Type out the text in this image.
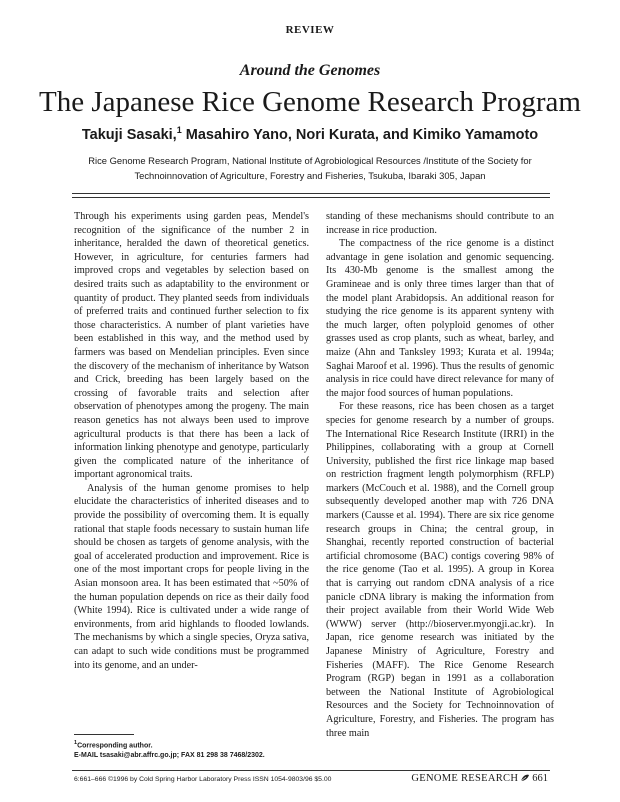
REVIEW
Around the Genomes
The Japanese Rice Genome Research Program
Takuji Sasaki,$^1$ Masahiro Yano, Nori Kurata, and Kimiko Yamamoto
Rice Genome Research Program, National Institute of Agrobiological Resources /Institute of the Society for Technoinnovation of Agriculture, Forestry and Fisheries, Tsukuba, Ibaraki 305, Japan

Through his experiments using garden peas, Mendel's recognition of the significance of the number 2 in inheritance, heralded the dawn of theoretical genetics. However, in agriculture, for centuries farmers had improved crops and vegetables by selection based on desired traits such as adaptability to the environment or quantity of product. They planted seeds from individuals of preferred traits and continued further selection to fix those characteristics. A number of plant varieties have been established in this way, and the method used by farmers was based on Mendelian principles. Even since the discovery of the mechanism of inheritance by Watson and Crick, breeding has been largely based on the crossing of favorable traits and selection after observation of phenotypes among the progeny. The main reason genetics has not always been used to improve agricultural products is that there has been a lack of information linking phenotype and genotype, particularly given the complicated nature of the inheritance of important agronomical traits.

Analysis of the human genome promises to help elucidate the characteristics of inherited diseases and to provide the possibility of overcoming them. It is equally rational that staple foods necessary to sustain human life should be chosen as targets of genome analysis, with the goal of accelerated production and improvement. Rice is one of the most important crops for people living in the Asian monsoon area. It has been estimated that ~50% of the human population depends on rice as their daily food (White 1994). Rice is cultivated under a wide range of environments, from arid highlands to flooded lowlands. The mechanisms by which a single species, Oryza sativa, can adapt to such wide conditions must be programmed into its genome, and an under-

standing of these mechanisms should contribute to an increase in rice production.

The compactness of the rice genome is a distinct advantage in gene isolation and genomic sequencing. Its 430-Mb genome is the smallest among the Gramineae and is only three times larger than that of the model plant Arabidopsis. An additional reason for studying the rice genome is its apparent synteny with the much larger, often polyploid genomes of other grasses used as crop plants, such as wheat, barley, and maize (Ahn and Tanksley 1993; Kurata et al. 1994a; Saghai Maroof et al. 1996). Thus the results of genomic analysis in rice could have direct relevance for many of the major food sources of human populations.

For these reasons, rice has been chosen as a target species for genome research by a number of groups. The International Rice Research Institute (IRRI) in the Philippines, collaborating with a group at Cornell University, published the first rice linkage map based on restriction fragment length polymorphism (RFLP) markers (McCouch et al. 1988), and the Cornell group subsequently developed another map with 726 DNA markers (Causse et al. 1994). There are six rice genome research groups in China; the central group, in Shanghai, recently reported construction of bacterial artificial chromosome (BAC) contigs covering 98% of the rice genome (Tao et al. 1995). A group in Korea that is carrying out random cDNA analysis of a rice panicle cDNA library is making the information from their project available from their World Wide Web (WWW) server (http://bioserver.myongji.ac.kr). In Japan, rice genome research was initiated by the Japanese Ministry of Agriculture, Forestry and Fisheries (MAFF). The Rice Genome Research Program (RGP) began in 1991 as a collaboration between the National Institute of Agrobiological Resources and the Society for Technoinnovation of Agriculture, Forestry, and Fisheries. The program has three main

$^1$Corresponding author.
E-MAIL tsasaki@abr.affrc.go.jp; FAX 81 298 38 7468/2302.
6:661–666 ©1996 by Cold Spring Harbor Laboratory Press ISSN 1054-9803/96 $5.00	GENOME RESEARCH 661
